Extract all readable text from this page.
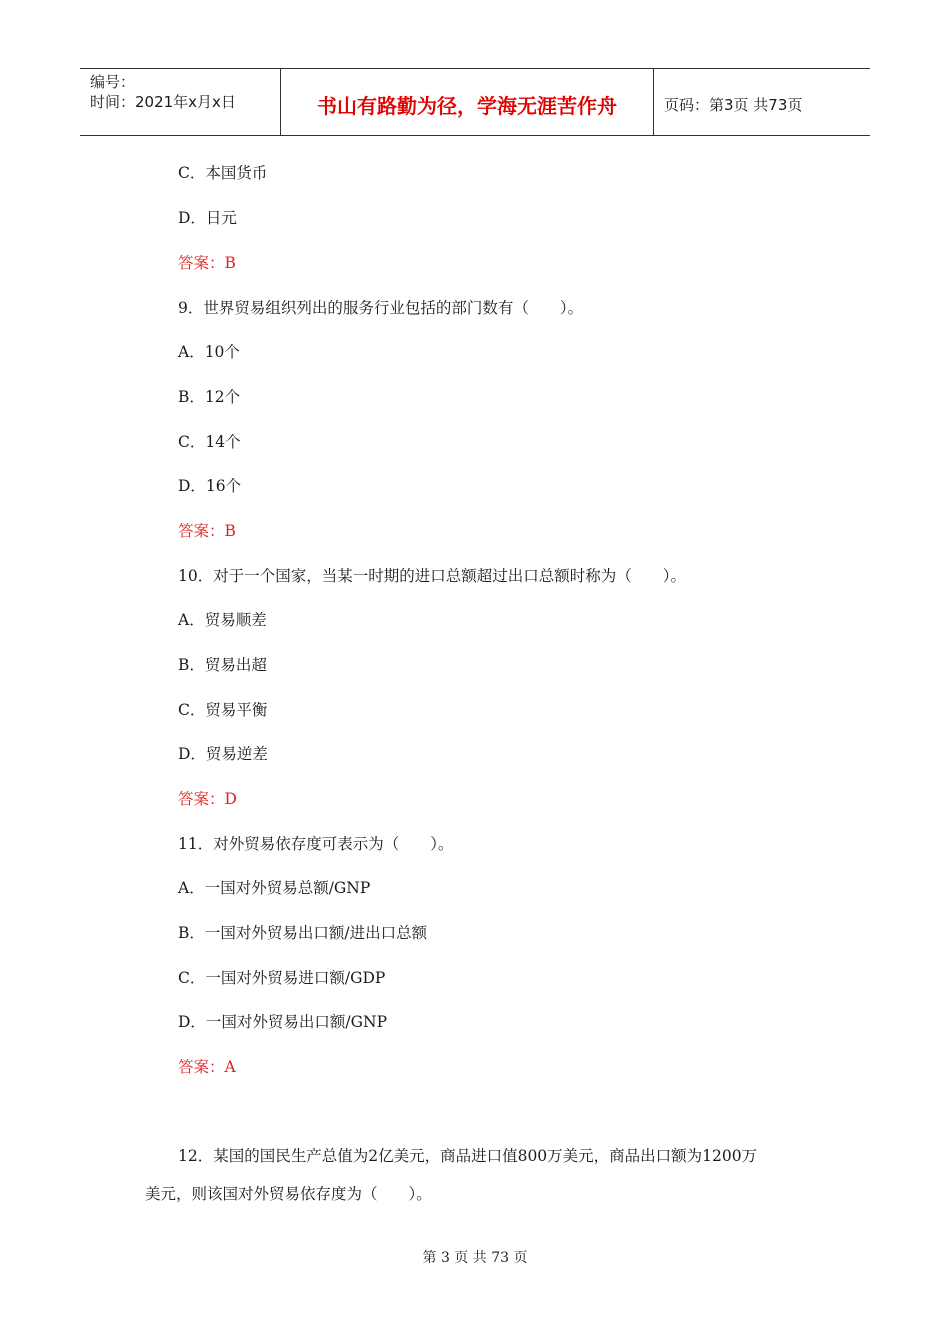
编号：
时间：2021年x月x日	书山有路勤为径，学海无涯苦作舟	页码：第3页 共73页
C．本国货币
D．日元
答案：B
9．世界贸易组织列出的服务行业包括的部门数有（　　）。
A．10个
B．12个
C．14个
D．16个
答案：B
10．对于一个国家，当某一时期的进口总额超过出口总额时称为（　　）。
A．贸易顺差
B．贸易出超
C．贸易平衡
D．贸易逆差
答案：D
11．对外贸易依存度可表示为（　　）。
A．一国对外贸易总额/GNP
B．一国对外贸易出口额/进出口总额
C．一国对外贸易进口额/GDP
D．一国对外贸易出口额/GNP
答案：A
12．某国的国民生产总值为2亿美元，商品进口值800万美元，商品出口额为1200万
美元，则该国对外贸易依存度为（　　）。
第 3 页 共 73 页
